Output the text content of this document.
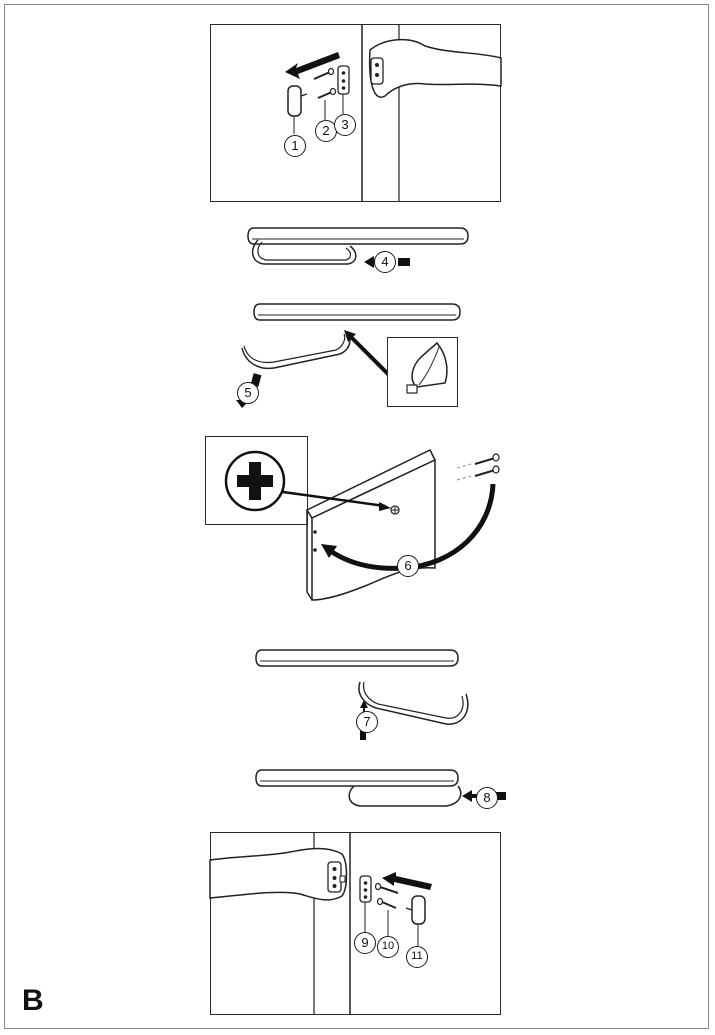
1
2 3
4
5
6
7
8
9	10
11
B
